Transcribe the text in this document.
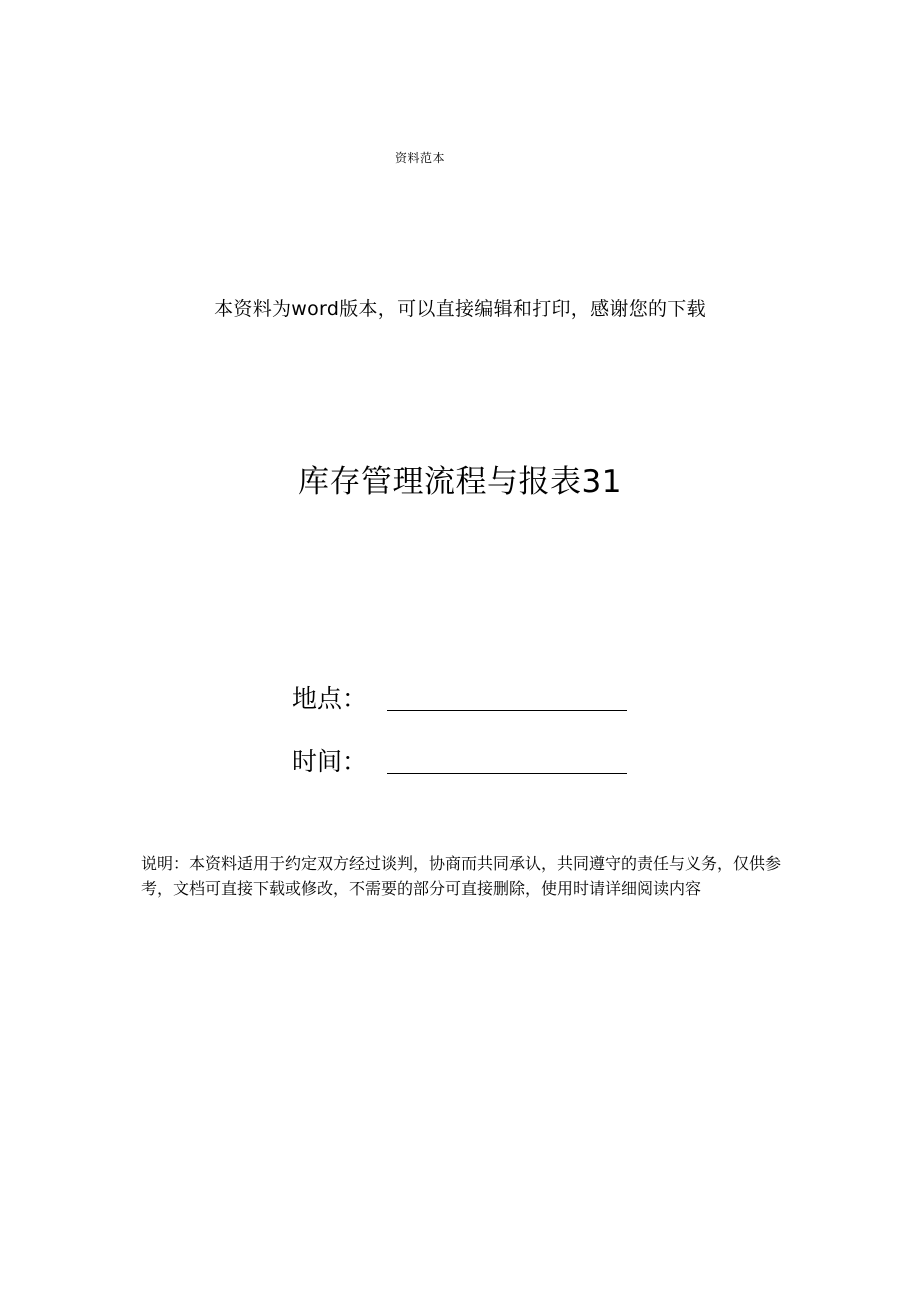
资料范本
本资料为word版本，可以直接编辑和打印，感谢您的下载
库存管理流程与报表31
地点：
时间：
说明：本资料适用于约定双方经过谈判，协商而共同承认，共同遵守的责任与义务，仅供参考，文档可直接下载或修改，不需要的部分可直接删除，使用时请详细阅读内容
